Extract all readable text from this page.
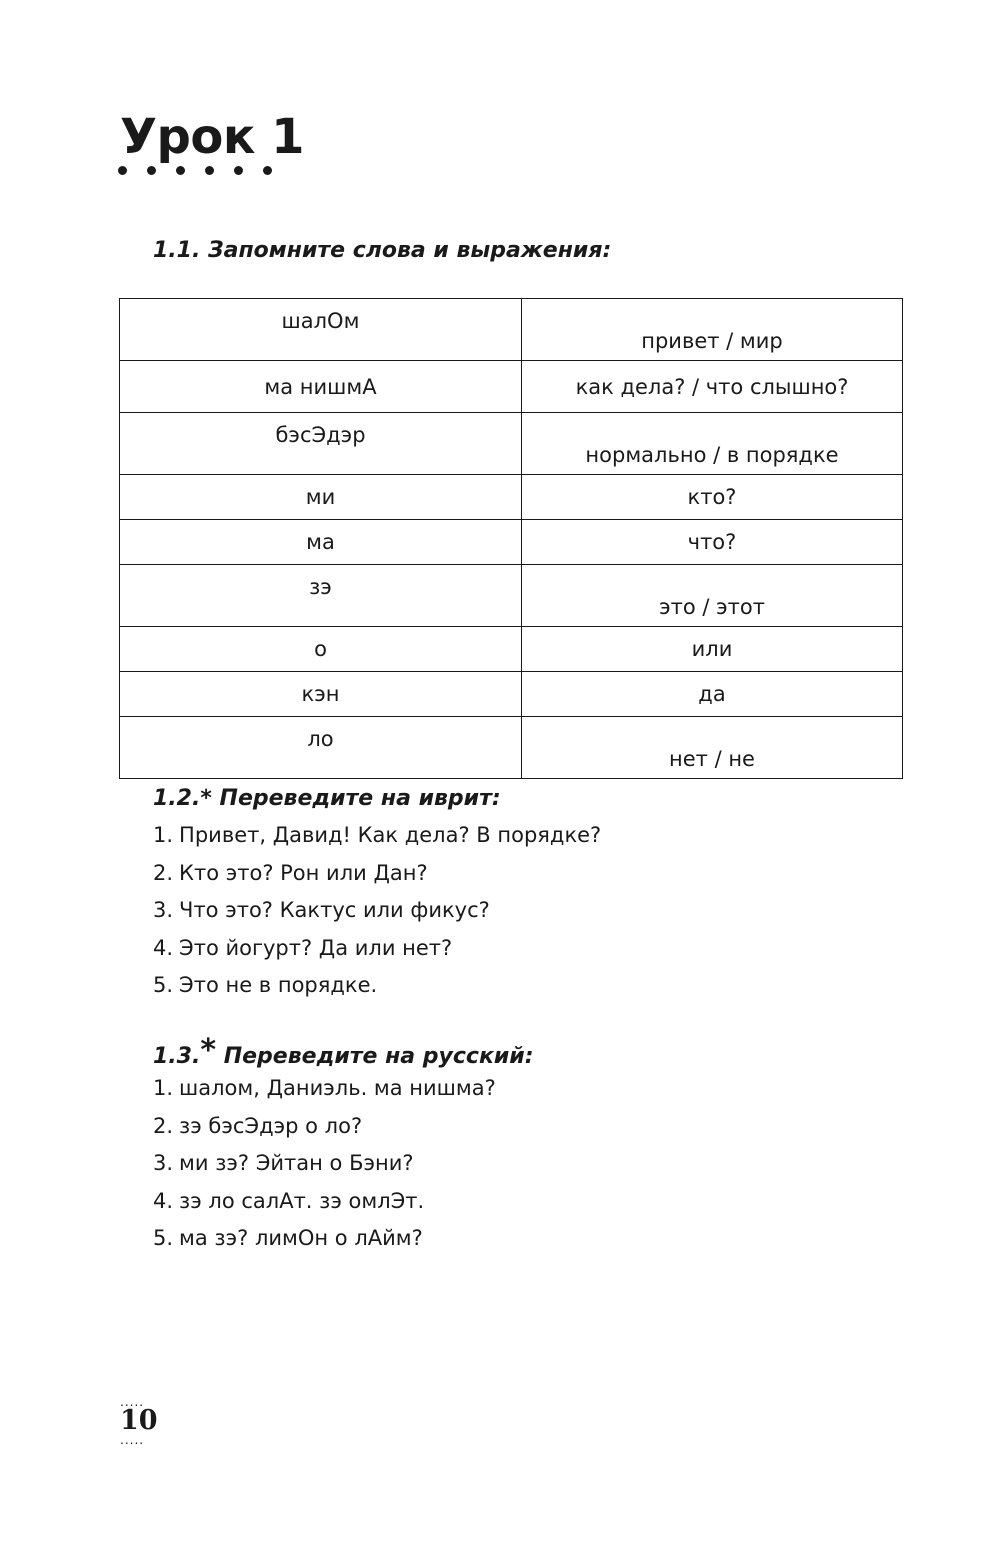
Урок 1
1.1. Запомните слова и выражения:
шалОм	привет / мир
ма нишмА	как дела? / что слышно?
бэсЭдэр	нормально / в порядке
ми	кто?
ма	что?
зэ	это / этот
о	или
кэн	да
ло	нет / не
1.2.* Переведите на иврит:
1. Привет, Давид! Как дела? В порядке?
2. Кто это? Рон или Дан?
3. Что это? Кактус или фикус?
4. Это йогурт? Да или нет?
5. Это не в порядке.
1.3.* Переведите на русский:
1. шалом, Даниэль. ма нишма?
2. зэ бэсЭдэр о ло?
3. ми зэ? Эйтан о Бэни?
4. зэ ло салАт. зэ омлЭт.
5. ма зэ? лимОн о лАйм?
.....
10
.....
